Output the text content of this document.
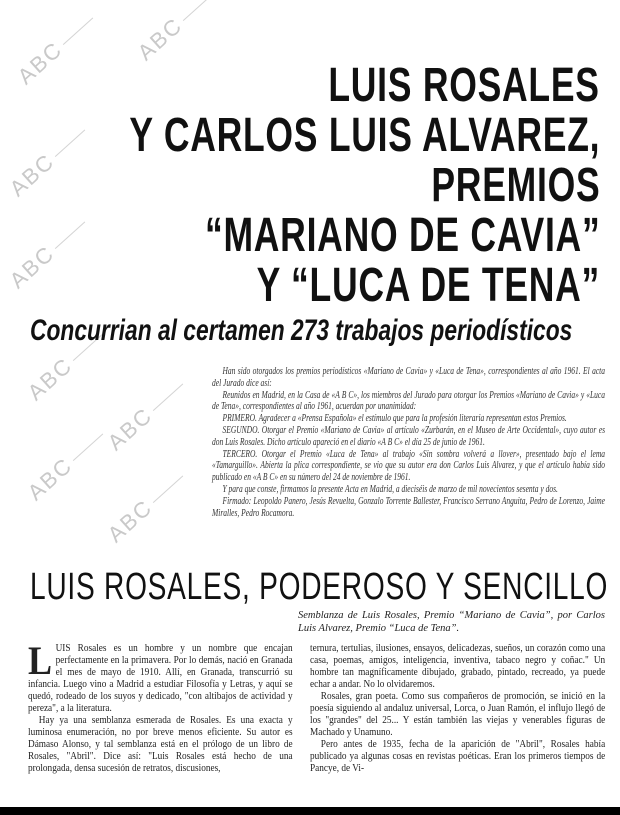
ABC	ABC
ABC
ABC
ABC
ABC
ABC
ABC
LUIS ROSALES
Y CARLOS LUIS ALVAREZ,
PREMIOS
“MARIANO DE CAVIA”
Y “LUCA DE TENA”
Concurrian al certamen 273 trabajos periodísticos

Han sido otorgados los premios periodísticos «Mariano de Cavia» y «Luca de Tena», correspondientes al año 1961. El acta del Jurado dice así:

Reunidos en Madrid, en la Casa de «A B C», los miembros del Jurado para otorgar los Premios «Mariano de Cavia» y «Luca de Tena», correspondientes al año 1961, acuerdan por unanimidad:

PRIMERO. Agradecer a «Prensa Española» el estímulo que para la profesión literaria representan estos Premios.

SEGUNDO. Otorgar el Premio «Mariano de Cavia» al artículo «Zurbarán, en el Museo de Arte Occidental», cuyo autor es don Luis Rosales. Dicho artículo apareció en el diario «A B C» el día 25 de junio de 1961.

TERCERO. Otorgar el Premio «Luca de Tena» al trabajo «Sin sombra volverá a llover», presentado bajo el lema «Tamarguillo». Abierta la plica correspondiente, se vio que su autor era don Carlos Luis Alvarez, y que el artículo había sido publicado en «A B C» en su número del 24 de noviembre de 1961.

Y para que conste, firmamos la presente Acta en Madrid, a dieciséis de marzo de mil novecientos sesenta y dos.

Firmado: Leopoldo Panero, Jesús Revuelta, Gonzalo Torrente Ballester, Francisco Serrano Anguita, Pedro de Lorenzo, Jaime Miralles, Pedro Rocamora.

LUIS ROSALES, PODEROSO Y SENCILLO
Semblanza de Luis Rosales, Premio “Mariano de Cavia”, por Carlos Luis Alvarez, Premio “Luca de Tena”.
L UIS Rosales es un hombre y un nombre que encajan perfectamente en la primavera. Por lo demás, nació en Granada el mes de mayo de 1910. Allí, en Granada, transcurrió su infancia. Luego vino a Madrid a estudiar Filosofía y Letras, y aquí se quedó, rodeado de los suyos y dedicado, "con altibajos de actividad y pereza", a la literatura.

Hay ya una semblanza esmerada de Rosales. Es una exacta y luminosa enumeración, no por breve menos eficiente. Su autor es Dámaso Alonso, y tal semblanza está en el prólogo de un libro de Rosales, "Abril". Dice así: "Luis Rosales está hecho de una prolongada, densa sucesión de retratos, discusiones,

ternura, tertulias, ilusiones, ensayos, delicadezas, sueños, un corazón como una casa, poemas, amigos, inteligencia, inventiva, tabaco negro y coñac." Un hombre tan magníficamente dibujado, grabado, pintado, recreado, ya puede echar a andar. No lo olvidaremos.

Rosales, gran poeta. Como sus compañeros de promoción, se inició en la poesía siguiendo al andaluz universal, Lorca, o Juan Ramón, el influjo llegó de los "grandes" del 25... Y están también las viejas y venerables figuras de Machado y Unamuno.

Pero antes de 1935, fecha de la aparición de "Abril", Rosales había publicado ya algunas cosas en revistas poéticas. Eran los primeros tiempos de Pancye, de Vi-
